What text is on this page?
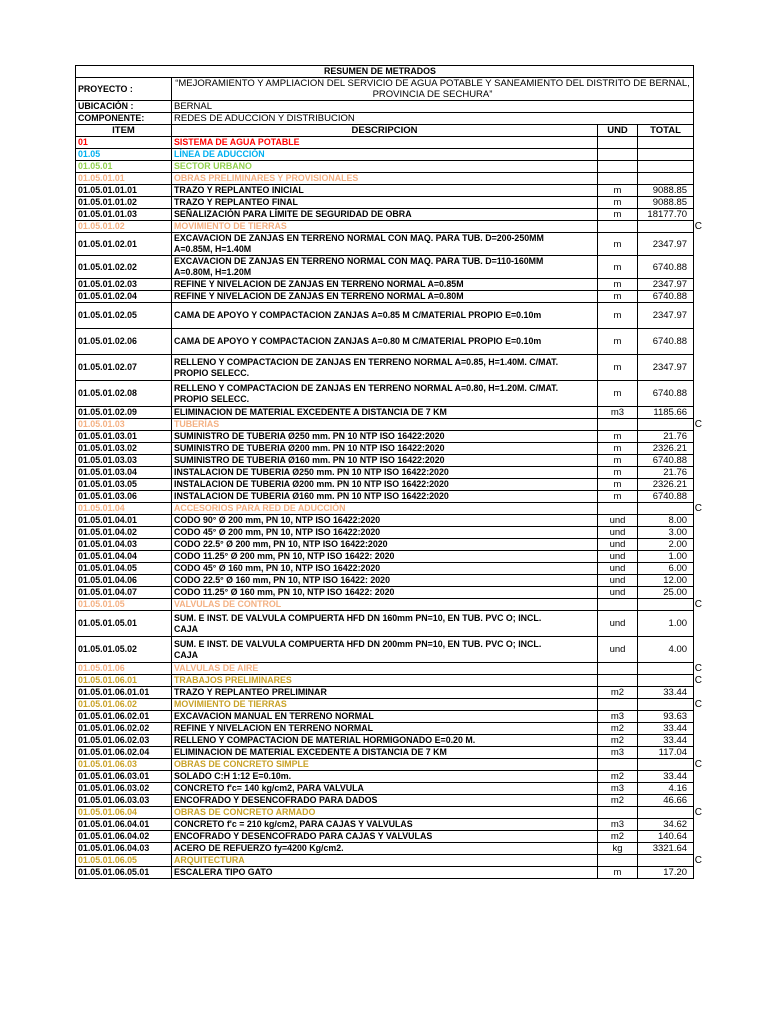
RESUMEN DE METRADOS			
PROYECTO :	“MEJORAMIENTO Y AMPLIACION DEL SERVICIO DE AGUA POTABLE Y SANEAMIENTO DEL DISTRITO DE BERNAL, PROVINCIA DE SECHURA”		
UBICACIÓN :	BERNAL		
COMPONENTE:	REDES DE ADUCCION Y DISTRIBUCION		
ITEM	DESCRIPCION	UND	TOTAL
01	SISTEMA DE AGUA POTABLE		
01.05	LÍNEA DE ADUCCIÓN		
01.05.01	SECTOR URBANO		
01.05.01.01	OBRAS PRELIMINARES Y PROVISIONALES		
01.05.01.01.01	TRAZO Y REPLANTEO INICIAL	m	9088.85
01.05.01.01.02	TRAZO Y REPLANTEO FINAL	m	9088.85
01.05.01.01.03	SEÑALIZACIÓN PARA LÍMITE DE SEGURIDAD DE OBRA	m	18177.70
01.05.01.02	MOVIMIENTO DE TIERRAS		C

01.05.01.02.01	EXCAVACION DE ZANJAS EN TERRENO NORMAL CON MAQ. PARA TUB. D=200-250MM A=0.85M, H=1.40M	m	2347.97
01.05.01.02.02	EXCAVACION DE ZANJAS EN TERRENO NORMAL CON MAQ. PARA TUB. D=110-160MM A=0.80M, H=1.20M	m	6740.88
01.05.01.02.03	REFINE Y NIVELACION DE ZANJAS EN TERRENO NORMAL A=0.85M	m	2347.97
01.05.01.02.04	REFINE Y NIVELACION DE ZANJAS EN TERRENO NORMAL A=0.80M	m	6740.88
01.05.01.02.05	CAMA DE APOYO Y COMPACTACION ZANJAS A=0.85 M C/MATERIAL PROPIO E=0.10m	m	2347.97
01.05.01.02.06	CAMA DE APOYO Y COMPACTACION ZANJAS A=0.80 M C/MATERIAL PROPIO E=0.10m	m	6740.88
01.05.01.02.07	RELLENO Y COMPACTACION DE ZANJAS EN TERRENO NORMAL A=0.85, H=1.40M. C/MAT. PROPIO SELECC.	m	2347.97
01.05.01.02.08	RELLENO Y COMPACTACION DE ZANJAS EN TERRENO NORMAL A=0.80, H=1.20M. C/MAT. PROPIO SELECC.	m	6740.88
01.05.01.02.09	ELIMINACION DE MATERIAL EXCEDENTE A DISTANCIA DE 7 KM	m3	1185.66
01.05.01.03	TUBERÍAS		C

01.05.01.03.01	SUMINISTRO DE TUBERIA Ø250 mm. PN 10 NTP ISO 16422:2020	m	21.76
01.05.01.03.02	SUMINISTRO DE TUBERIA Ø200 mm. PN 10 NTP ISO 16422:2020	m	2326.21
01.05.01.03.03	SUMINISTRO DE TUBERIA Ø160 mm. PN 10 NTP ISO 16422:2020	m	6740.88
01.05.01.03.04	INSTALACION DE TUBERIA Ø250 mm. PN 10 NTP ISO 16422:2020	m	21.76
01.05.01.03.05	INSTALACION DE TUBERIA Ø200 mm. PN 10 NTP ISO 16422:2020	m	2326.21
01.05.01.03.06	INSTALACION DE TUBERIA Ø160 mm. PN 10 NTP ISO 16422:2020	m	6740.88
01.05.01.04	ACCESORIOS PARA RED DE ADUCCIÓN		C

01.05.01.04.01	CODO 90° Ø 200 mm, PN 10, NTP ISO 16422:2020	und	8.00
01.05.01.04.02	CODO 45° Ø 200 mm, PN 10, NTP ISO 16422:2020	und	3.00
01.05.01.04.03	CODO 22.5° Ø 200 mm, PN 10, NTP ISO 16422:2020	und	2.00
01.05.01.04.04	CODO 11.25° Ø 200 mm, PN 10, NTP ISO 16422: 2020	und	1.00
01.05.01.04.05	CODO 45° Ø 160 mm, PN 10, NTP ISO 16422:2020	und	6.00
01.05.01.04.06	CODO 22.5° Ø 160 mm, PN 10, NTP ISO 16422: 2020	und	12.00
01.05.01.04.07	CODO 11.25° Ø 160 mm, PN 10, NTP ISO 16422: 2020	und	25.00
01.05.01.05	VALVULAS DE CONTROL		C

01.05.01.05.01	SUM. E INST. DE VALVULA COMPUERTA HFD DN 160mm PN=10, EN TUB. PVC O; INCL. CAJA	und	1.00
01.05.01.05.02	SUM. E INST. DE VALVULA COMPUERTA HFD DN 200mm PN=10, EN TUB. PVC O; INCL. CAJA	und	4.00
01.05.01.06	VALVULAS DE AIRE		C

01.05.01.06.01	TRABAJOS PRELIMINARES		C

01.05.01.06.01.01	TRAZO Y REPLANTEO PRELIMINAR	m2	33.44
01.05.01.06.02	MOVIMIENTO DE TIERRAS		C

01.05.01.06.02.01	EXCAVACION MANUAL EN TERRENO NORMAL	m3	93.63
01.05.01.06.02.02	REFINE Y NIVELACION EN TERRENO NORMAL	m2	33.44
01.05.01.06.02.03	RELLENO Y COMPACTACION DE MATERIAL HORMIGONADO E=0.20 M.	m2	33.44
01.05.01.06.02.04	ELIMINACION DE MATERIAL EXCEDENTE A DISTANCIA DE 7 KM	m3	117.04
01.05.01.06.03	OBRAS DE CONCRETO SIMPLE		C

01.05.01.06.03.01	SOLADO C:H 1:12 E=0.10m.	m2	33.44
01.05.01.06.03.02	CONCRETO f'c= 140 kg/cm2, PARA VALVULA	m3	4.16
01.05.01.06.03.03	ENCOFRADO Y DESENCOFRADO PARA DADOS	m2	46.66
01.05.01.06.04	OBRAS DE CONCRETO ARMADO		C

01.05.01.06.04.01	CONCRETO f'c = 210 kg/cm2, PARA CAJAS Y VALVULAS	m3	34.62
01.05.01.06.04.02	ENCOFRADO Y DESENCOFRADO PARA CAJAS Y VALVULAS	m2	140.64
01.05.01.06.04.03	ACERO DE REFUERZO fy=4200 Kg/cm2.	kg	3321.64
01.05.01.06.05	ARQUITECTURA		C

01.05.01.06.05.01	ESCALERA TIPO GATO	m	17.20
